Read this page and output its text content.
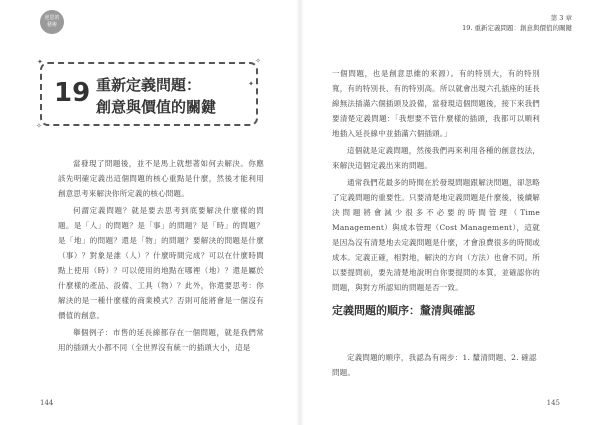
逆思的
藝術
✦	✧
✦
✧
19 重新定義問題：
創意與價值的關鍵

當發現了問題後，並不是馬上就想著如何去解決。你應該先明確定義出這個問題的核心重點是什麼，然後才能利用創意思考來解決你所定義的核心問題。

何謂定義問題？就是要去思考到底要解決什麼樣的問題。是「人」的問題？是「事」的問題？是「時」的問題？是「地」的問題？還是「物」的問題？要解決的問題是什麼（事）？對象是誰（人）？什麼時間完成？可以在什麼時間點上使用（時）？可以使用的地點在哪裡（地）？還是屬於什麼樣的產品、設備、工具（物）？此外，你還要思考：你解決的是一種什麼樣的商業模式？否則可能將會是一個沒有價值的創意。

舉個例子：市售的延長線都存在一個問題，就是我們常用的插頭大小都不同（全世界沒有統一的插頭大小，這是

144
第 3 章
19. 重新定義問題：創意與價值的關鍵

一個問題，也是創意思維的來源）。有的特別大，有的特別寬，有的特別長、有的特別高。所以就會出現六孔插座的延長線無法插滿六個插頭及設備，當發現這個問題後，接下來我們要清楚定義問題：「我想要不管什麼樣的插頭，我都可以順利地插入延長線中並插滿六個插頭。」

這個就是定義問題，然後我們再來利用各種的創意技法，來解決這個定義出來的問題。

通常我們花最多的時間在於發現問題跟解決問題，卻忽略了定義問題的重要性。只要清楚地定義問題是什麼後，後續解決問題將會減少很多不必要的時間管理（Time Management）與成本管理（Cost Management），這就是因為沒有清楚地去定義問題是什麼，才會浪費很多的時間或成本。定義正確，相對地，解決的方向（方法）也會不同。所以要提問前，要先清楚地說明自你要提問的本質，並確認你的問題，與對方所認知的問題是否一致。

定義問題的順序：釐清與確認

定義問題的順序，我認為有兩步：1. 釐清問題、2. 確認問題。

145
